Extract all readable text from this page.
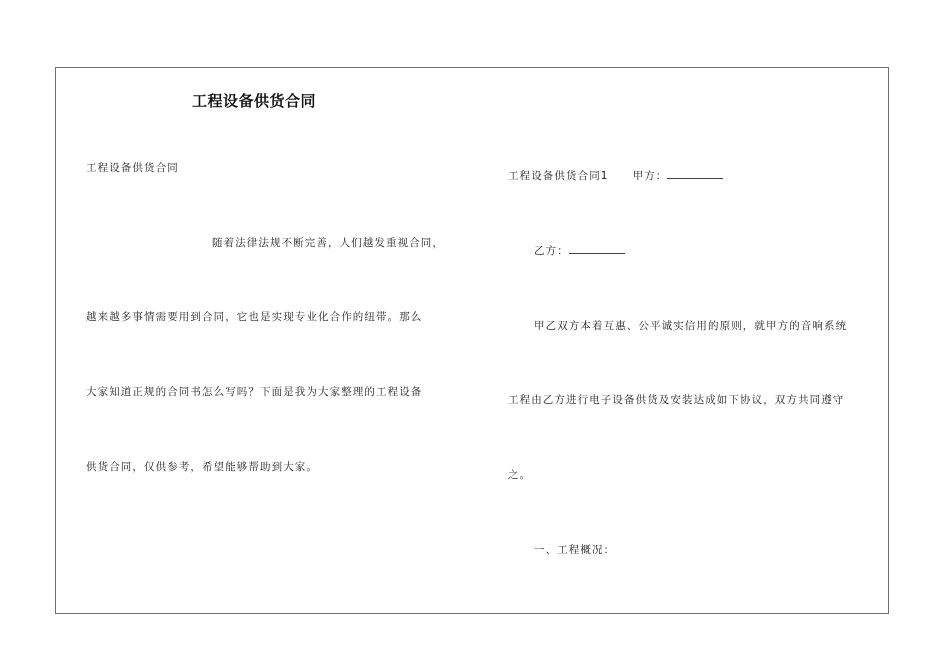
工程设备供货合同
工程设备供货合同
随着法律法规不断完善，人们越发重视合同，
越来越多事情需要用到合同，它也是实现专业化合作的纽带。那么
大家知道正规的合同书怎么写吗？下面是我为大家整理的工程设备
供货合同，仅供参考，希望能够帮助到大家。
工程设备供货合同1 甲方：
乙方：
甲乙双方本着互惠、公平诚实信用的原则，就甲方的音响系统
工程由乙方进行电子设备供货及安装达成如下协议，双方共同遵守
之。
一、工程概况：
